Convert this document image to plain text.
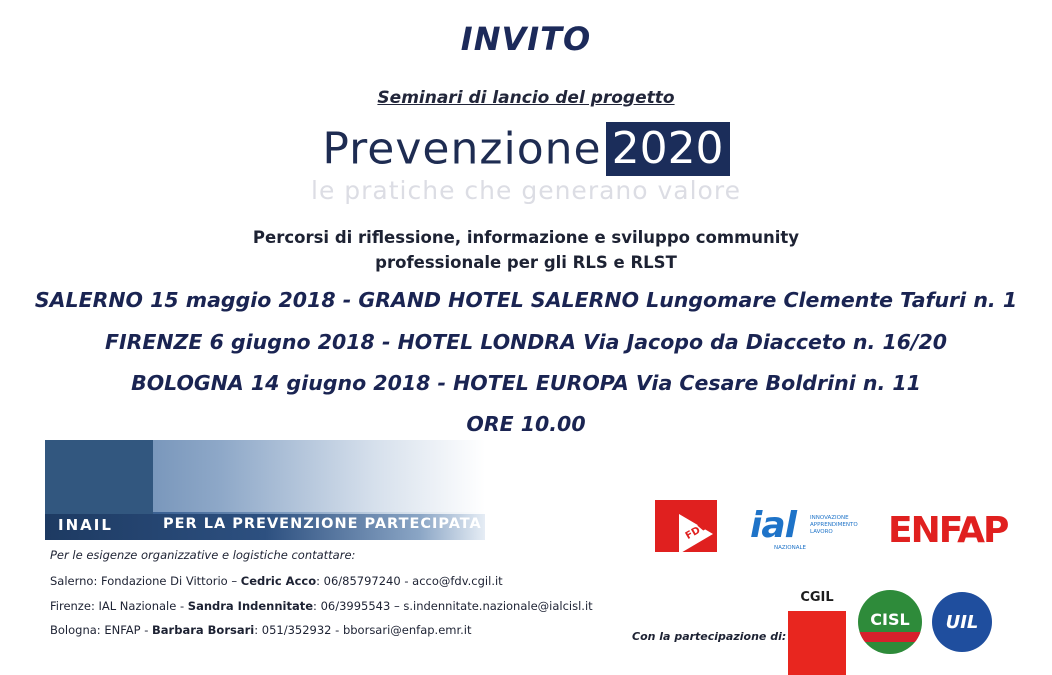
INVITO
Seminari di lancio del progetto
Prevenzione 2020
le pratiche che generano valore
Percorsi di riflessione, informazione e sviluppo community
professionale per gli RLS e RLST
SALERNO 15 maggio 2018 - GRAND HOTEL SALERNO Lungomare Clemente Tafuri n. 1
FIRENZE 6 giugno 2018 - HOTEL LONDRA Via Jacopo da Diacceto n. 16/20
BOLOGNA 14 giugno 2018 - HOTEL EUROPA Via Cesare Boldrini n. 11
ORE 10.00
INAIL	PER LA PREVENZIONE PARTECIPATA
Per le esigenze organizzative e logistiche contattare:
Salerno: Fondazione Di Vittorio – Cedric Acco: 06/85797240 - acco@fdv.cgil.it
Firenze: IAL Nazionale - Sandra Indennitate: 06/3995543 – s.indennitate.nazionale@ialcisl.it
Bologna: ENFAP - Barbara Borsari: 051/352932 - bborsari@enfap.emr.it
FDV ial	INNOVAZIONE APPRENDIMENTO LAVORO
NAZIONALE ENFAP
Con la partecipazione di:
CGIL
CISL	UIL
